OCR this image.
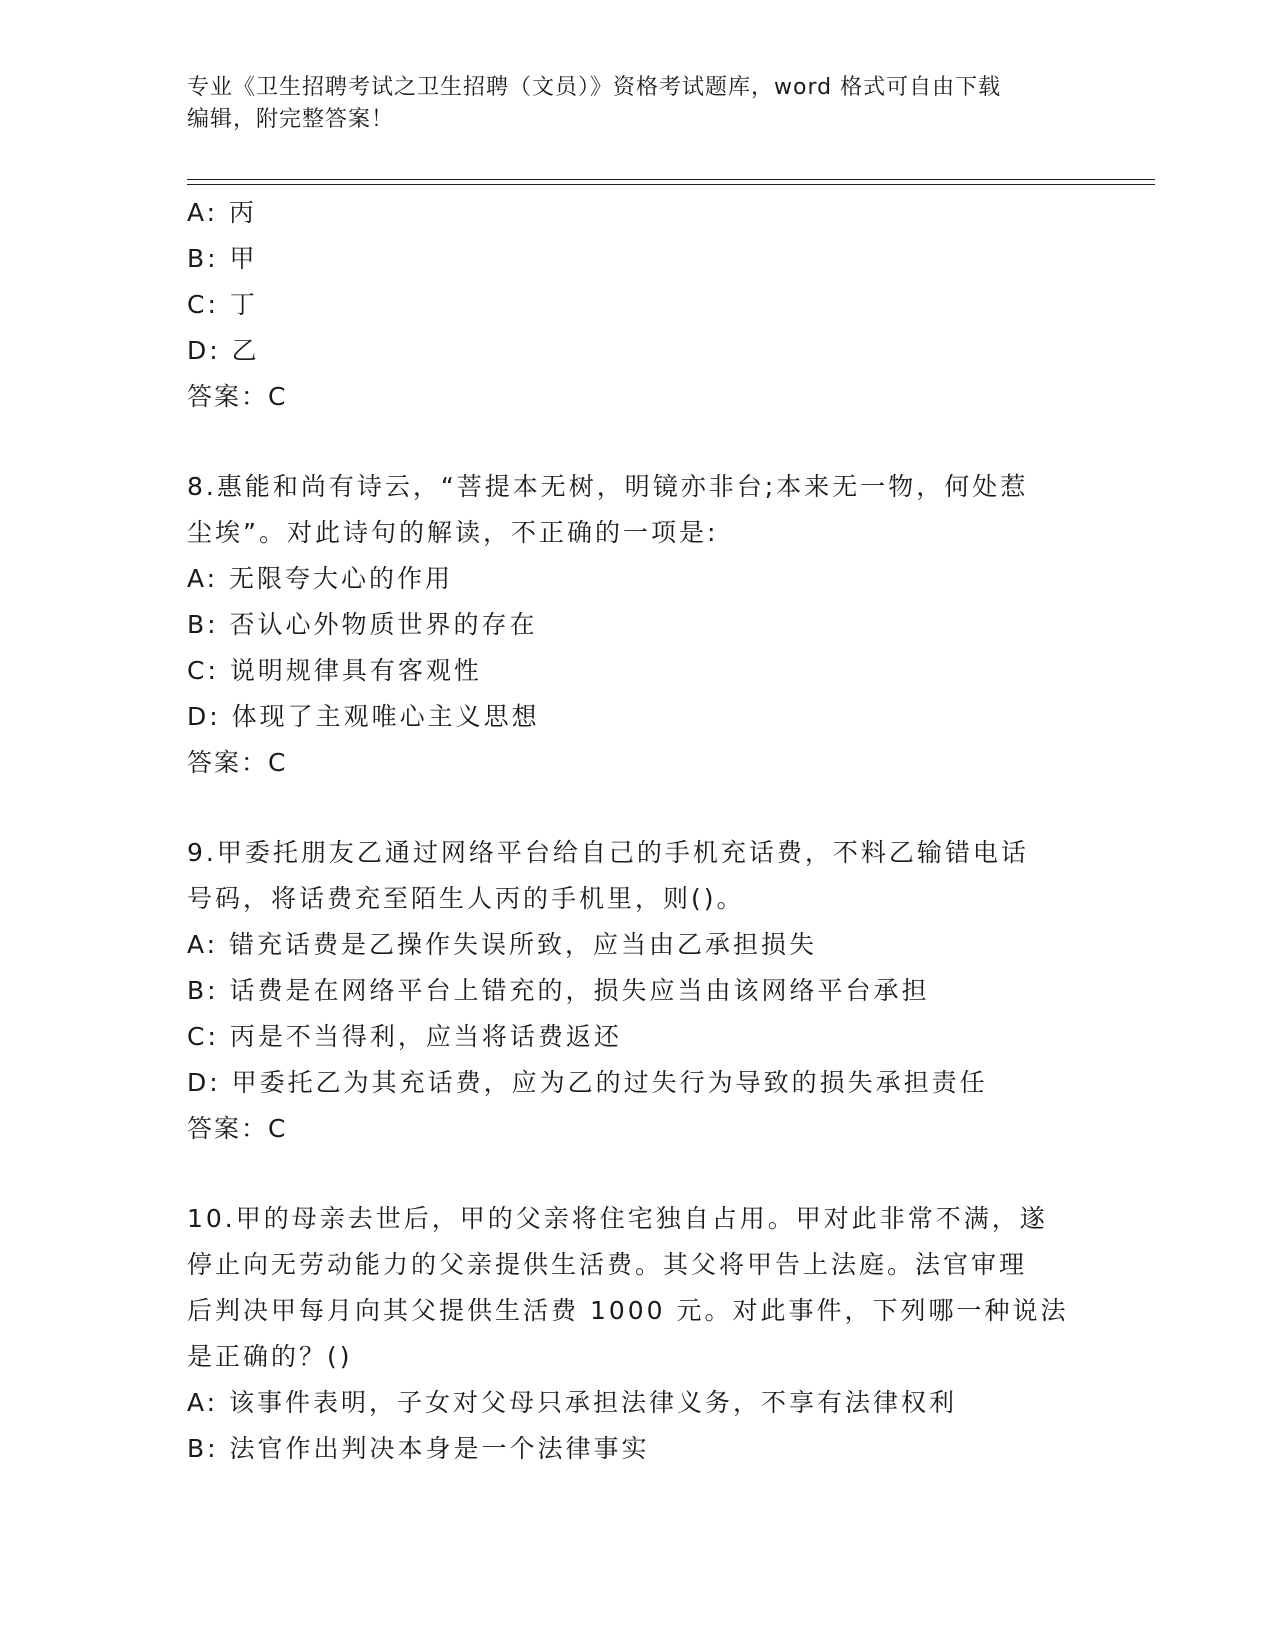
专业《卫生招聘考试之卫生招聘（文员）》资格考试题库，word 格式可自由下载
编辑，附完整答案！
A: 丙
B: 甲
C: 丁
D: 乙
答案：C
8.惠能和尚有诗云，“菩提本无树，明镜亦非台;本来无一物，何处惹
尘埃”。对此诗句的解读，不正确的一项是:
A: 无限夸大心的作用
B: 否认心外物质世界的存在
C: 说明规律具有客观性
D: 体现了主观唯心主义思想
答案：C
9.甲委托朋友乙通过网络平台给自己的手机充话费，不料乙输错电话
号码，将话费充至陌生人丙的手机里，则()。
A: 错充话费是乙操作失误所致，应当由乙承担损失
B: 话费是在网络平台上错充的，损失应当由该网络平台承担
C: 丙是不当得利，应当将话费返还
D: 甲委托乙为其充话费，应为乙的过失行为导致的损失承担责任
答案：C
10.甲的母亲去世后，甲的父亲将住宅独自占用。甲对此非常不满，遂
停止向无劳动能力的父亲提供生活费。其父将甲告上法庭。法官审理
后判决甲每月向其父提供生活费 1000 元。对此事件，下列哪一种说法
是正确的？()
A: 该事件表明，子女对父母只承担法律义务，不享有法律权利
B: 法官作出判决本身是一个法律事实
